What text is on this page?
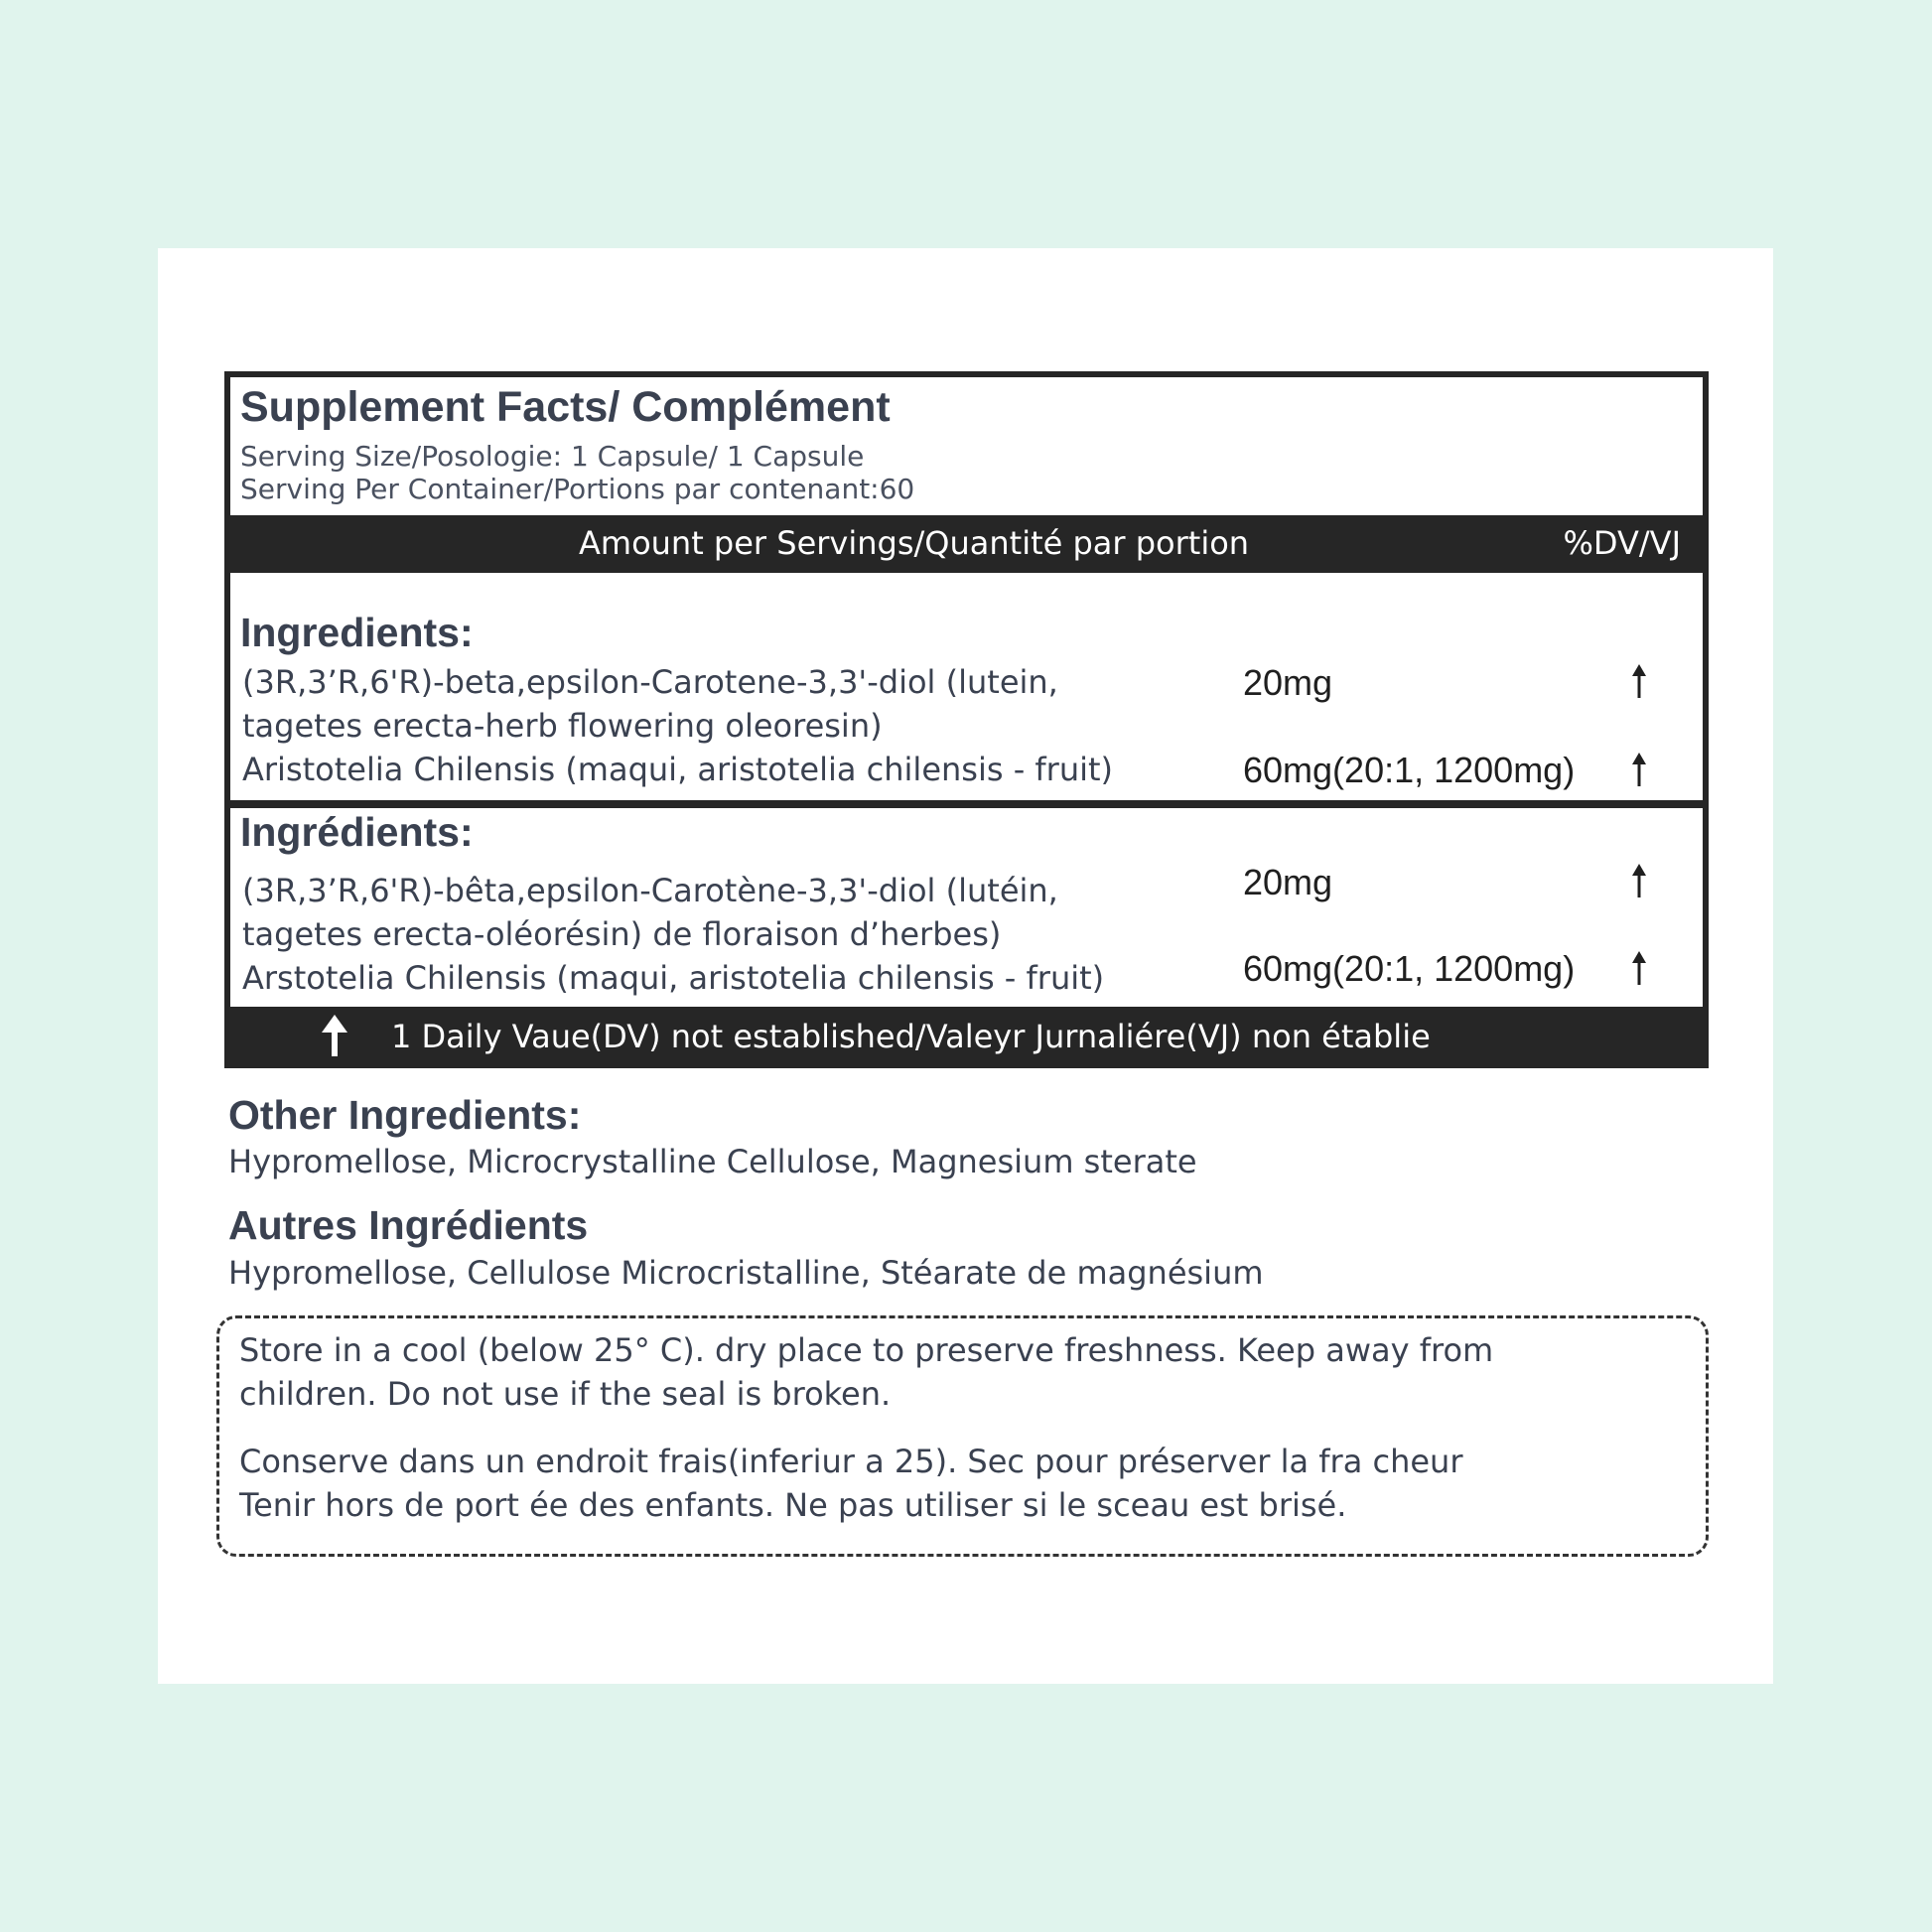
Supplement Facts/ Complément
Serving Size/Posologie: 1 Capsule/ 1 Capsule
Serving Per Container/Portions par contenant:60
Amount per Servings/Quantité par portion	%DV/VJ
Ingredients:
(3R,3’R,6'R)-beta,epsilon-Carotene-3,3'-diol (lutein,
tagetes erecta-herb flowering oleoresin)
20mg
Aristotelia Chilensis (maqui, aristotelia chilensis - fruit)	60mg(20:1, 1200mg)
Ingrédients:
(3R,3’R,6'R)-bêta,epsilon-Carotène-3,3'-diol (lutéin,
tagetes erecta-oléorésin) de floraison d’herbes)
20mg
Arstotelia Chilensis (maqui, aristotelia chilensis - fruit)	60mg(20:1, 1200mg)
1 Daily Vaue(DV) not established/Valeyr Jurnaliére(VJ) non établie
Other Ingredients:
Hypromellose, Microcrystalline Cellulose, Magnesium sterate
Autres Ingrédients
Hypromellose, Cellulose Microcristalline, Stéarate de magnésium
Store in a cool (below 25° C). dry place to preserve freshness. Keep away from
children. Do not use if the seal is broken.
Conserve dans un endroit frais(inferiur a 25). Sec pour préserver la fra cheur
Tenir hors de port ée des enfants. Ne pas utiliser si le sceau est brisé.
